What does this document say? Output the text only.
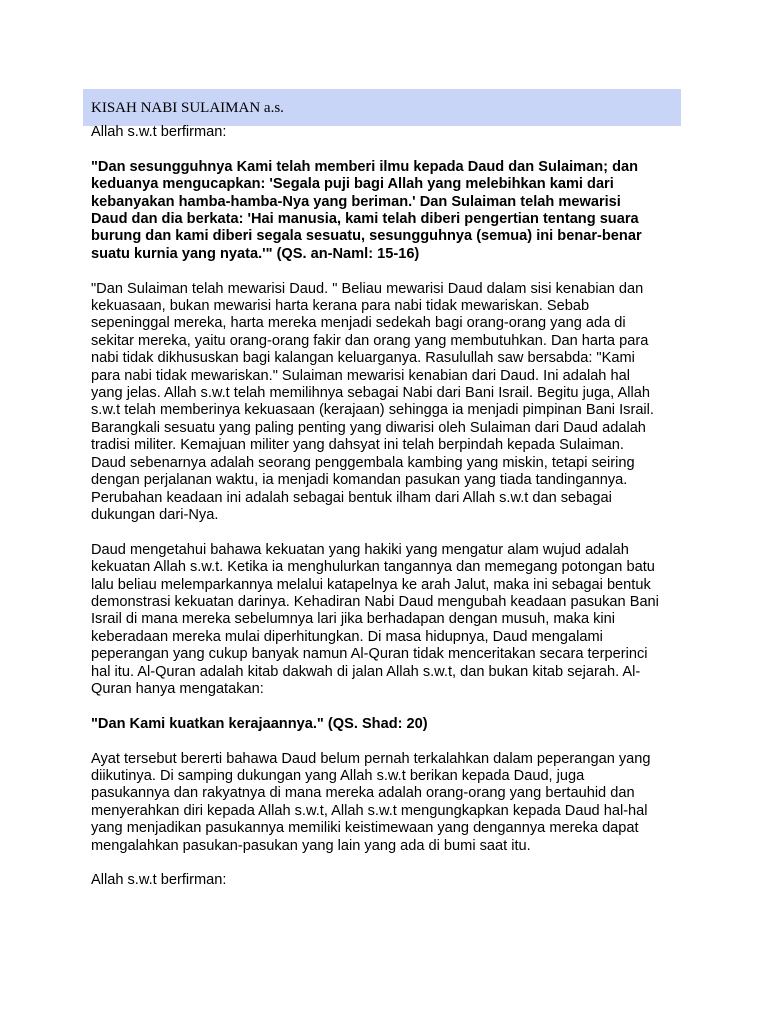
KISAH NABI SULAIMAN a.s.

Allah s.w.t berfirman:

"Dan sesungguhnya Kami telah memberi ilmu kepada Daud dan Sulaiman; dan
keduanya mengucapkan: 'Segala puji bagi Allah yang melebihkan kami dari
kebanyakan hamba-hamba-Nya yang beriman.' Dan Sulaiman telah mewarisi
Daud dan dia berkata: 'Hai manusia, kami telah diberi pengertian tentang suara
burung dan kami diberi segala sesuatu, sesungguhnya (semua) ini benar-benar
suatu kurnia yang nyata.'" (QS. an-Naml: 15-16)

"Dan Sulaiman telah mewarisi Daud. " Beliau mewarisi Daud dalam sisi kenabian dan
kekuasaan, bukan mewarisi harta kerana para nabi tidak mewariskan. Sebab
sepeninggal mereka, harta mereka menjadi sedekah bagi orang-orang yang ada di
sekitar mereka, yaitu orang-orang fakir dan orang yang membutuhkan. Dan harta para
nabi tidak dikhususkan bagi kalangan keluarganya. Rasulullah saw bersabda: "Kami
para nabi tidak mewariskan." Sulaiman mewarisi kenabian dari Daud. Ini adalah hal
yang jelas. Allah s.w.t telah memilihnya sebagai Nabi dari Bani Israil. Begitu juga, Allah
s.w.t telah memberinya kekuasaan (kerajaan) sehingga ia menjadi pimpinan Bani Israil.
Barangkali sesuatu yang paling penting yang diwarisi oleh Sulaiman dari Daud adalah
tradisi militer. Kemajuan militer yang dahsyat ini telah berpindah kepada Sulaiman.
Daud sebenarnya adalah seorang penggembala kambing yang miskin, tetapi seiring
dengan perjalanan waktu, ia menjadi komandan pasukan yang tiada tandingannya.
Perubahan keadaan ini adalah sebagai bentuk ilham dari Allah s.w.t dan sebagai
dukungan dari-Nya.

Daud mengetahui bahawa kekuatan yang hakiki yang mengatur alam wujud adalah
kekuatan Allah s.w.t. Ketika ia menghulurkan tangannya dan memegang potongan batu
lalu beliau melemparkannya melalui katapelnya ke arah Jalut, maka ini sebagai bentuk
demonstrasi kekuatan darinya. Kehadiran Nabi Daud mengubah keadaan pasukan Bani
Israil di mana mereka sebelumnya lari jika berhadapan dengan musuh, maka kini
keberadaan mereka mulai diperhitungkan. Di masa hidupnya, Daud mengalami
peperangan yang cukup banyak namun Al-Quran tidak menceritakan secara terperinci
hal itu. Al-Quran adalah kitab dakwah di jalan Allah s.w.t, dan bukan kitab sejarah. Al-
Quran hanya mengatakan:

"Dan Kami kuatkan kerajaannya." (QS. Shad: 20)

Ayat tersebut bererti bahawa Daud belum pernah terkalahkan dalam peperangan yang
diikutinya. Di samping dukungan yang Allah s.w.t berikan kepada Daud, juga
pasukannya dan rakyatnya di mana mereka adalah orang-orang yang bertauhid dan
menyerahkan diri kepada Allah s.w.t, Allah s.w.t mengungkapkan kepada Daud hal-hal
yang menjadikan pasukannya memiliki keistimewaan yang dengannya mereka dapat
mengalahkan pasukan-pasukan yang lain yang ada di bumi saat itu.

Allah s.w.t berfirman:
